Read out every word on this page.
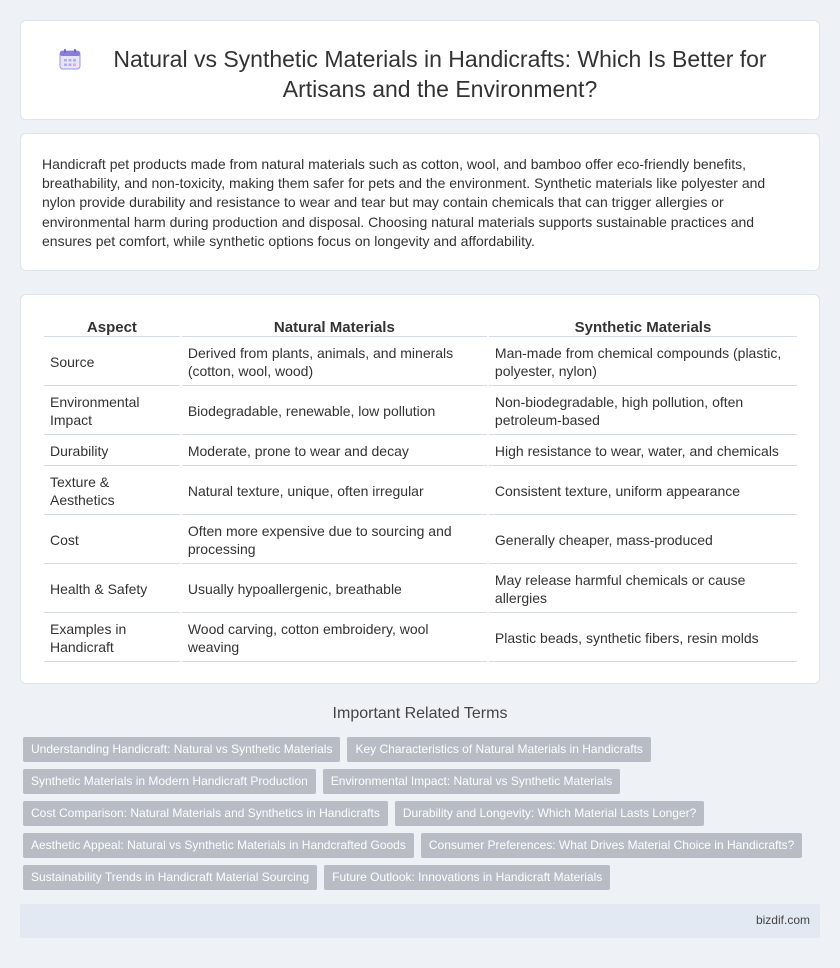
Natural vs Synthetic Materials in Handicrafts: Which Is Better for Artisans and the Environment?

Handicraft pet products made from natural materials such as cotton, wool, and bamboo offer eco-friendly benefits, breathability, and non-toxicity, making them safer for pets and the environment. Synthetic materials like polyester and nylon provide durability and resistance to wear and tear but may contain chemicals that can trigger allergies or environmental harm during production and disposal. Choosing natural materials supports sustainable practices and ensures pet comfort, while synthetic options focus on longevity and affordability.

Aspect	Natural Materials	Synthetic Materials
Source	Derived from plants, animals, and minerals (cotton, wool, wood)	Man-made from chemical compounds (plastic, polyester, nylon)
Environmental Impact	Biodegradable, renewable, low pollution	Non-biodegradable, high pollution, often petroleum-based
Durability	Moderate, prone to wear and decay	High resistance to wear, water, and chemicals
Texture & Aesthetics	Natural texture, unique, often irregular	Consistent texture, uniform appearance
Cost	Often more expensive due to sourcing and processing	Generally cheaper, mass-produced
Health & Safety	Usually hypoallergenic, breathable	May release harmful chemicals or cause allergies
Examples in Handicraft	Wood carving, cotton embroidery, wool weaving	Plastic beads, synthetic fibers, resin molds
Important Related Terms
Understanding Handicraft: Natural vs Synthetic Materials	Key Characteristics of Natural Materials in Handicrafts
Synthetic Materials in Modern Handicraft Production	Environmental Impact: Natural vs Synthetic Materials
Cost Comparison: Natural Materials and Synthetics in Handicrafts	Durability and Longevity: Which Material Lasts Longer?
Aesthetic Appeal: Natural vs Synthetic Materials in Handcrafted Goods	Consumer Preferences: What Drives Material Choice in Handicrafts?
Sustainability Trends in Handicraft Material Sourcing	Future Outlook: Innovations in Handicraft Materials
bizdif.com
